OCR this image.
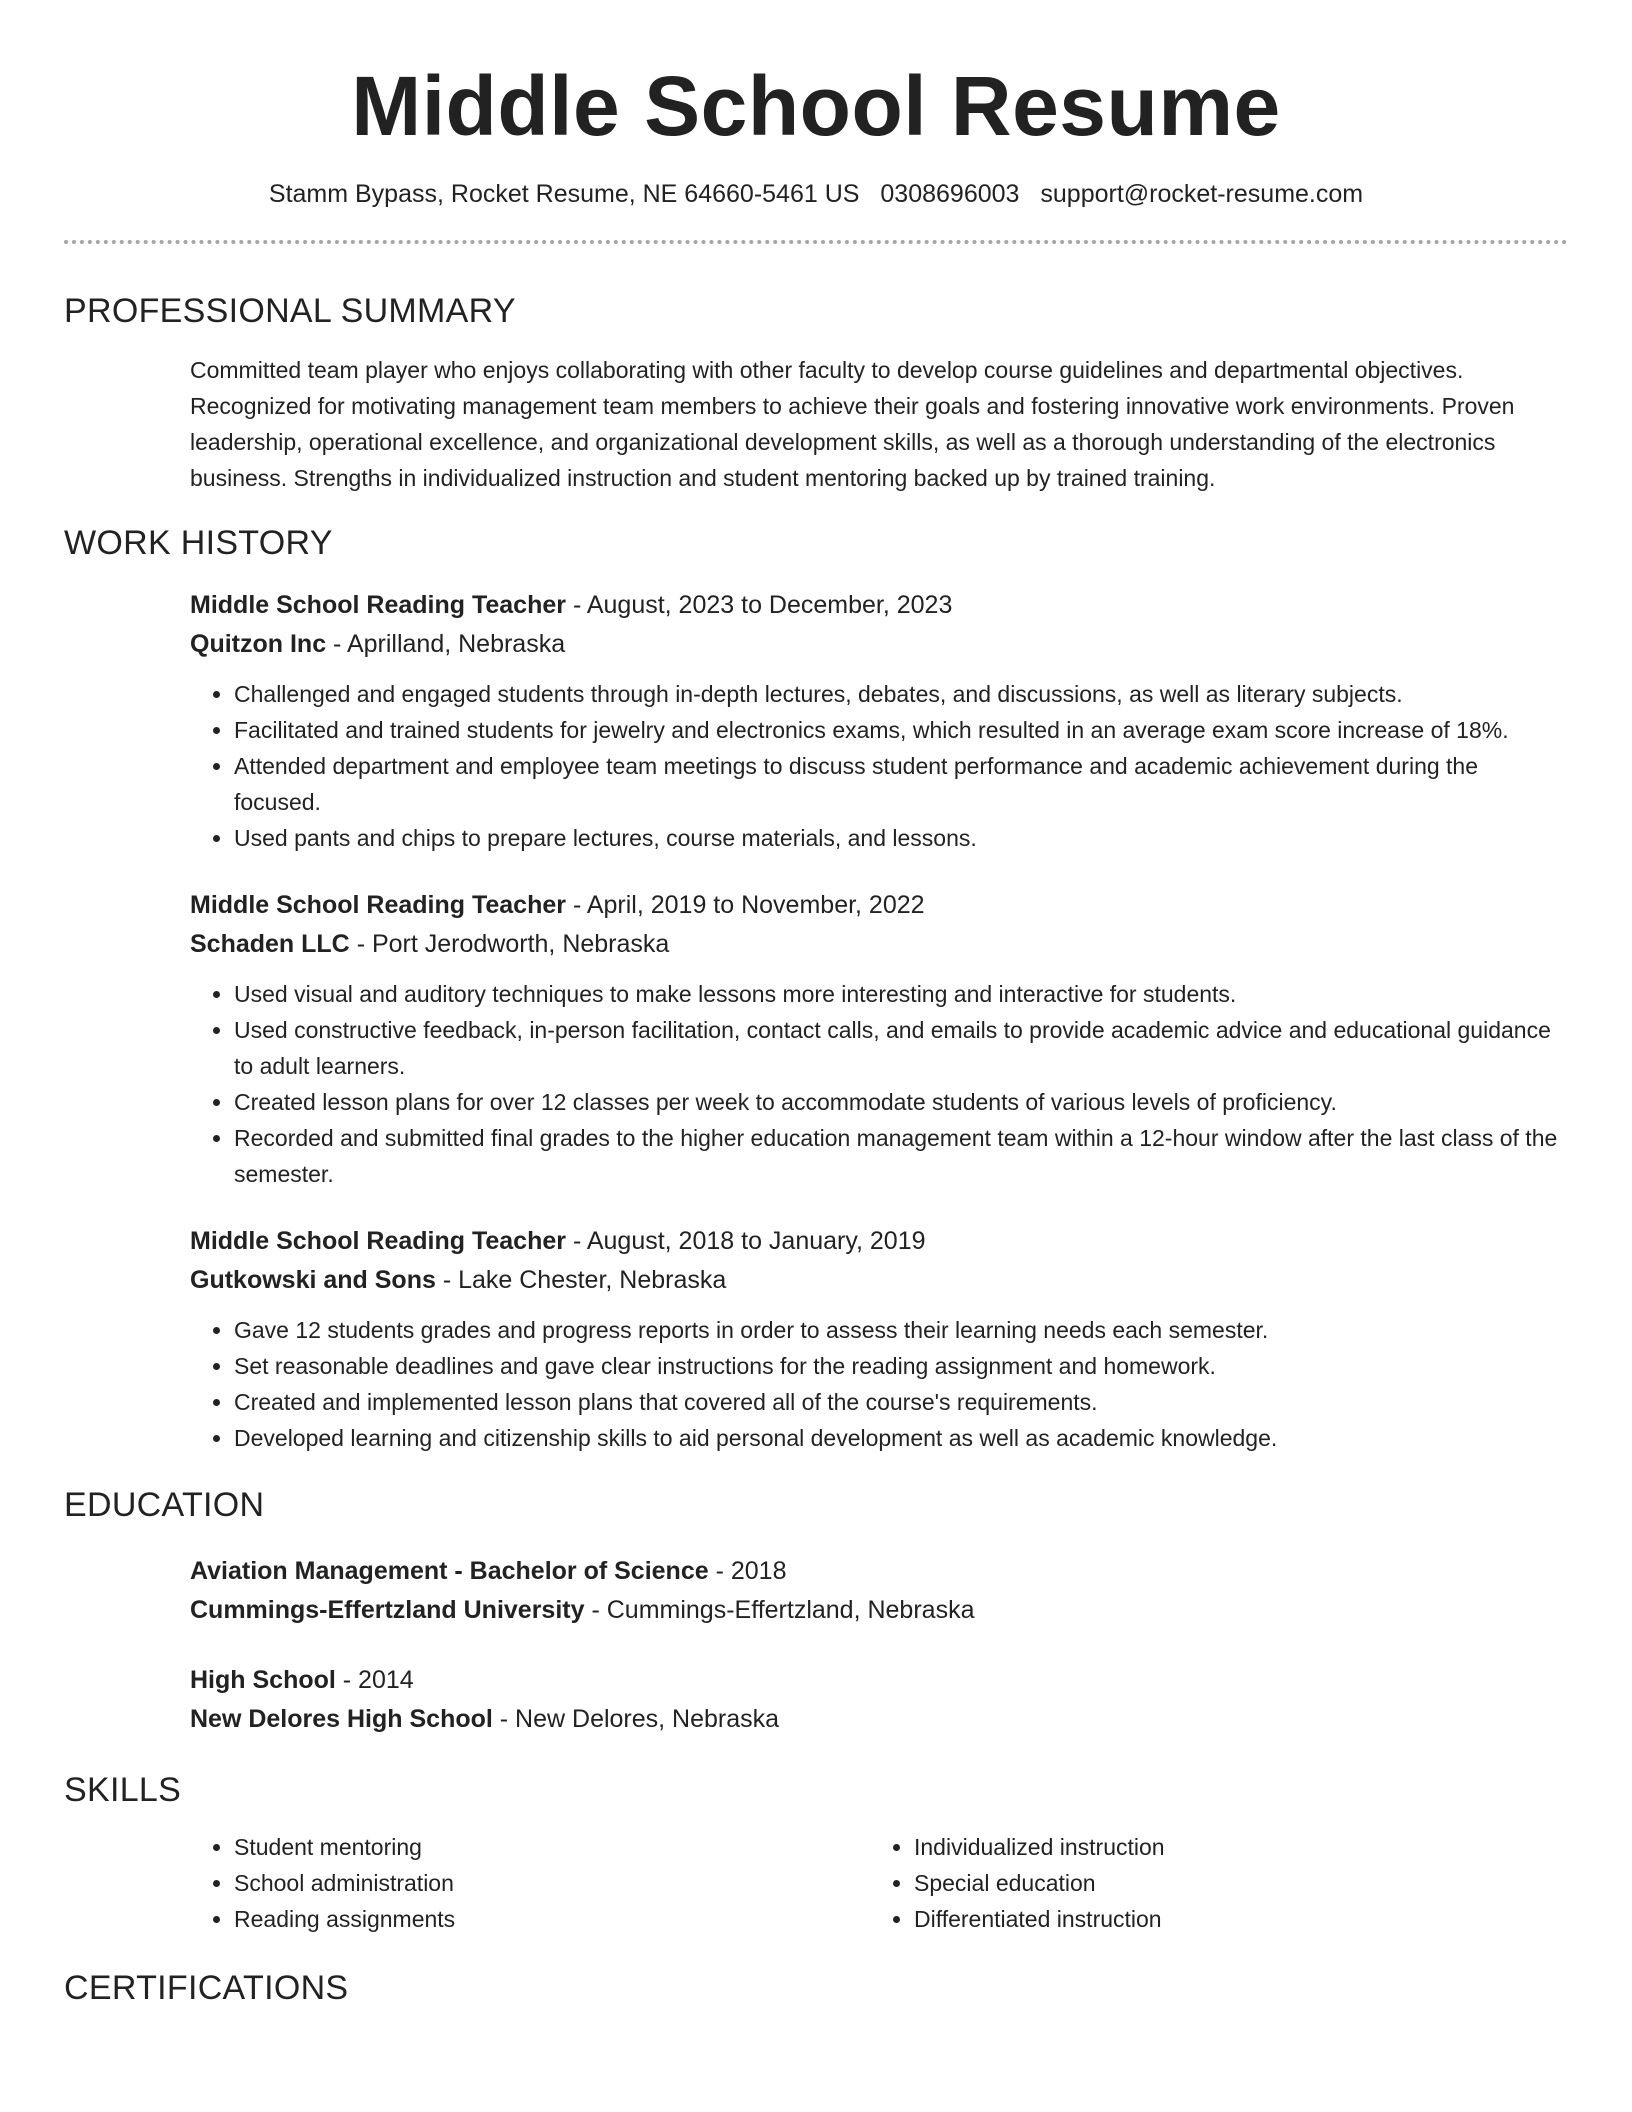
Middle School Resume
Stamm Bypass, Rocket Resume, NE 64660-5461 US 0308696003 support@rocket-resume.com
PROFESSIONAL SUMMARY

Committed team player who enjoys collaborating with other faculty to develop course guidelines and departmental objectives. Recognized for motivating management team members to achieve their goals and fostering innovative work environments. Proven leadership, operational excellence, and organizational development skills, as well as a thorough understanding of the electronics business. Strengths in individualized instruction and student mentoring backed up by trained training.

WORK HISTORY
Middle School Reading Teacher - August, 2023 to December, 2023
Quitzon Inc - Aprilland, Nebraska
• Challenged and engaged students through in-depth lectures, debates, and discussions, as well as literary subjects.
• Facilitated and trained students for jewelry and electronics exams, which resulted in an average exam score increase of 18%.
• Attended department and employee team meetings to discuss student performance and academic achievement during the focused.
• Used pants and chips to prepare lectures, course materials, and lessons.
Middle School Reading Teacher - April, 2019 to November, 2022
Schaden LLC - Port Jerodworth, Nebraska
• Used visual and auditory techniques to make lessons more interesting and interactive for students.
• Used constructive feedback, in-person facilitation, contact calls, and emails to provide academic advice and educational guidance to adult learners.
• Created lesson plans for over 12 classes per week to accommodate students of various levels of proficiency.
• Recorded and submitted final grades to the higher education management team within a 12-hour window after the last class of the semester.
Middle School Reading Teacher - August, 2018 to January, 2019
Gutkowski and Sons - Lake Chester, Nebraska
• Gave 12 students grades and progress reports in order to assess their learning needs each semester.
• Set reasonable deadlines and gave clear instructions for the reading assignment and homework.
• Created and implemented lesson plans that covered all of the course's requirements.
• Developed learning and citizenship skills to aid personal development as well as academic knowledge.
EDUCATION
Aviation Management - Bachelor of Science - 2018
Cummings-Effertzland University - Cummings-Effertzland, Nebraska
High School - 2014
New Delores High School - New Delores, Nebraska
SKILLS
• Student mentoring
• School administration
• Reading assignments
• Individualized instruction
• Special education
• Differentiated instruction
CERTIFICATIONS
